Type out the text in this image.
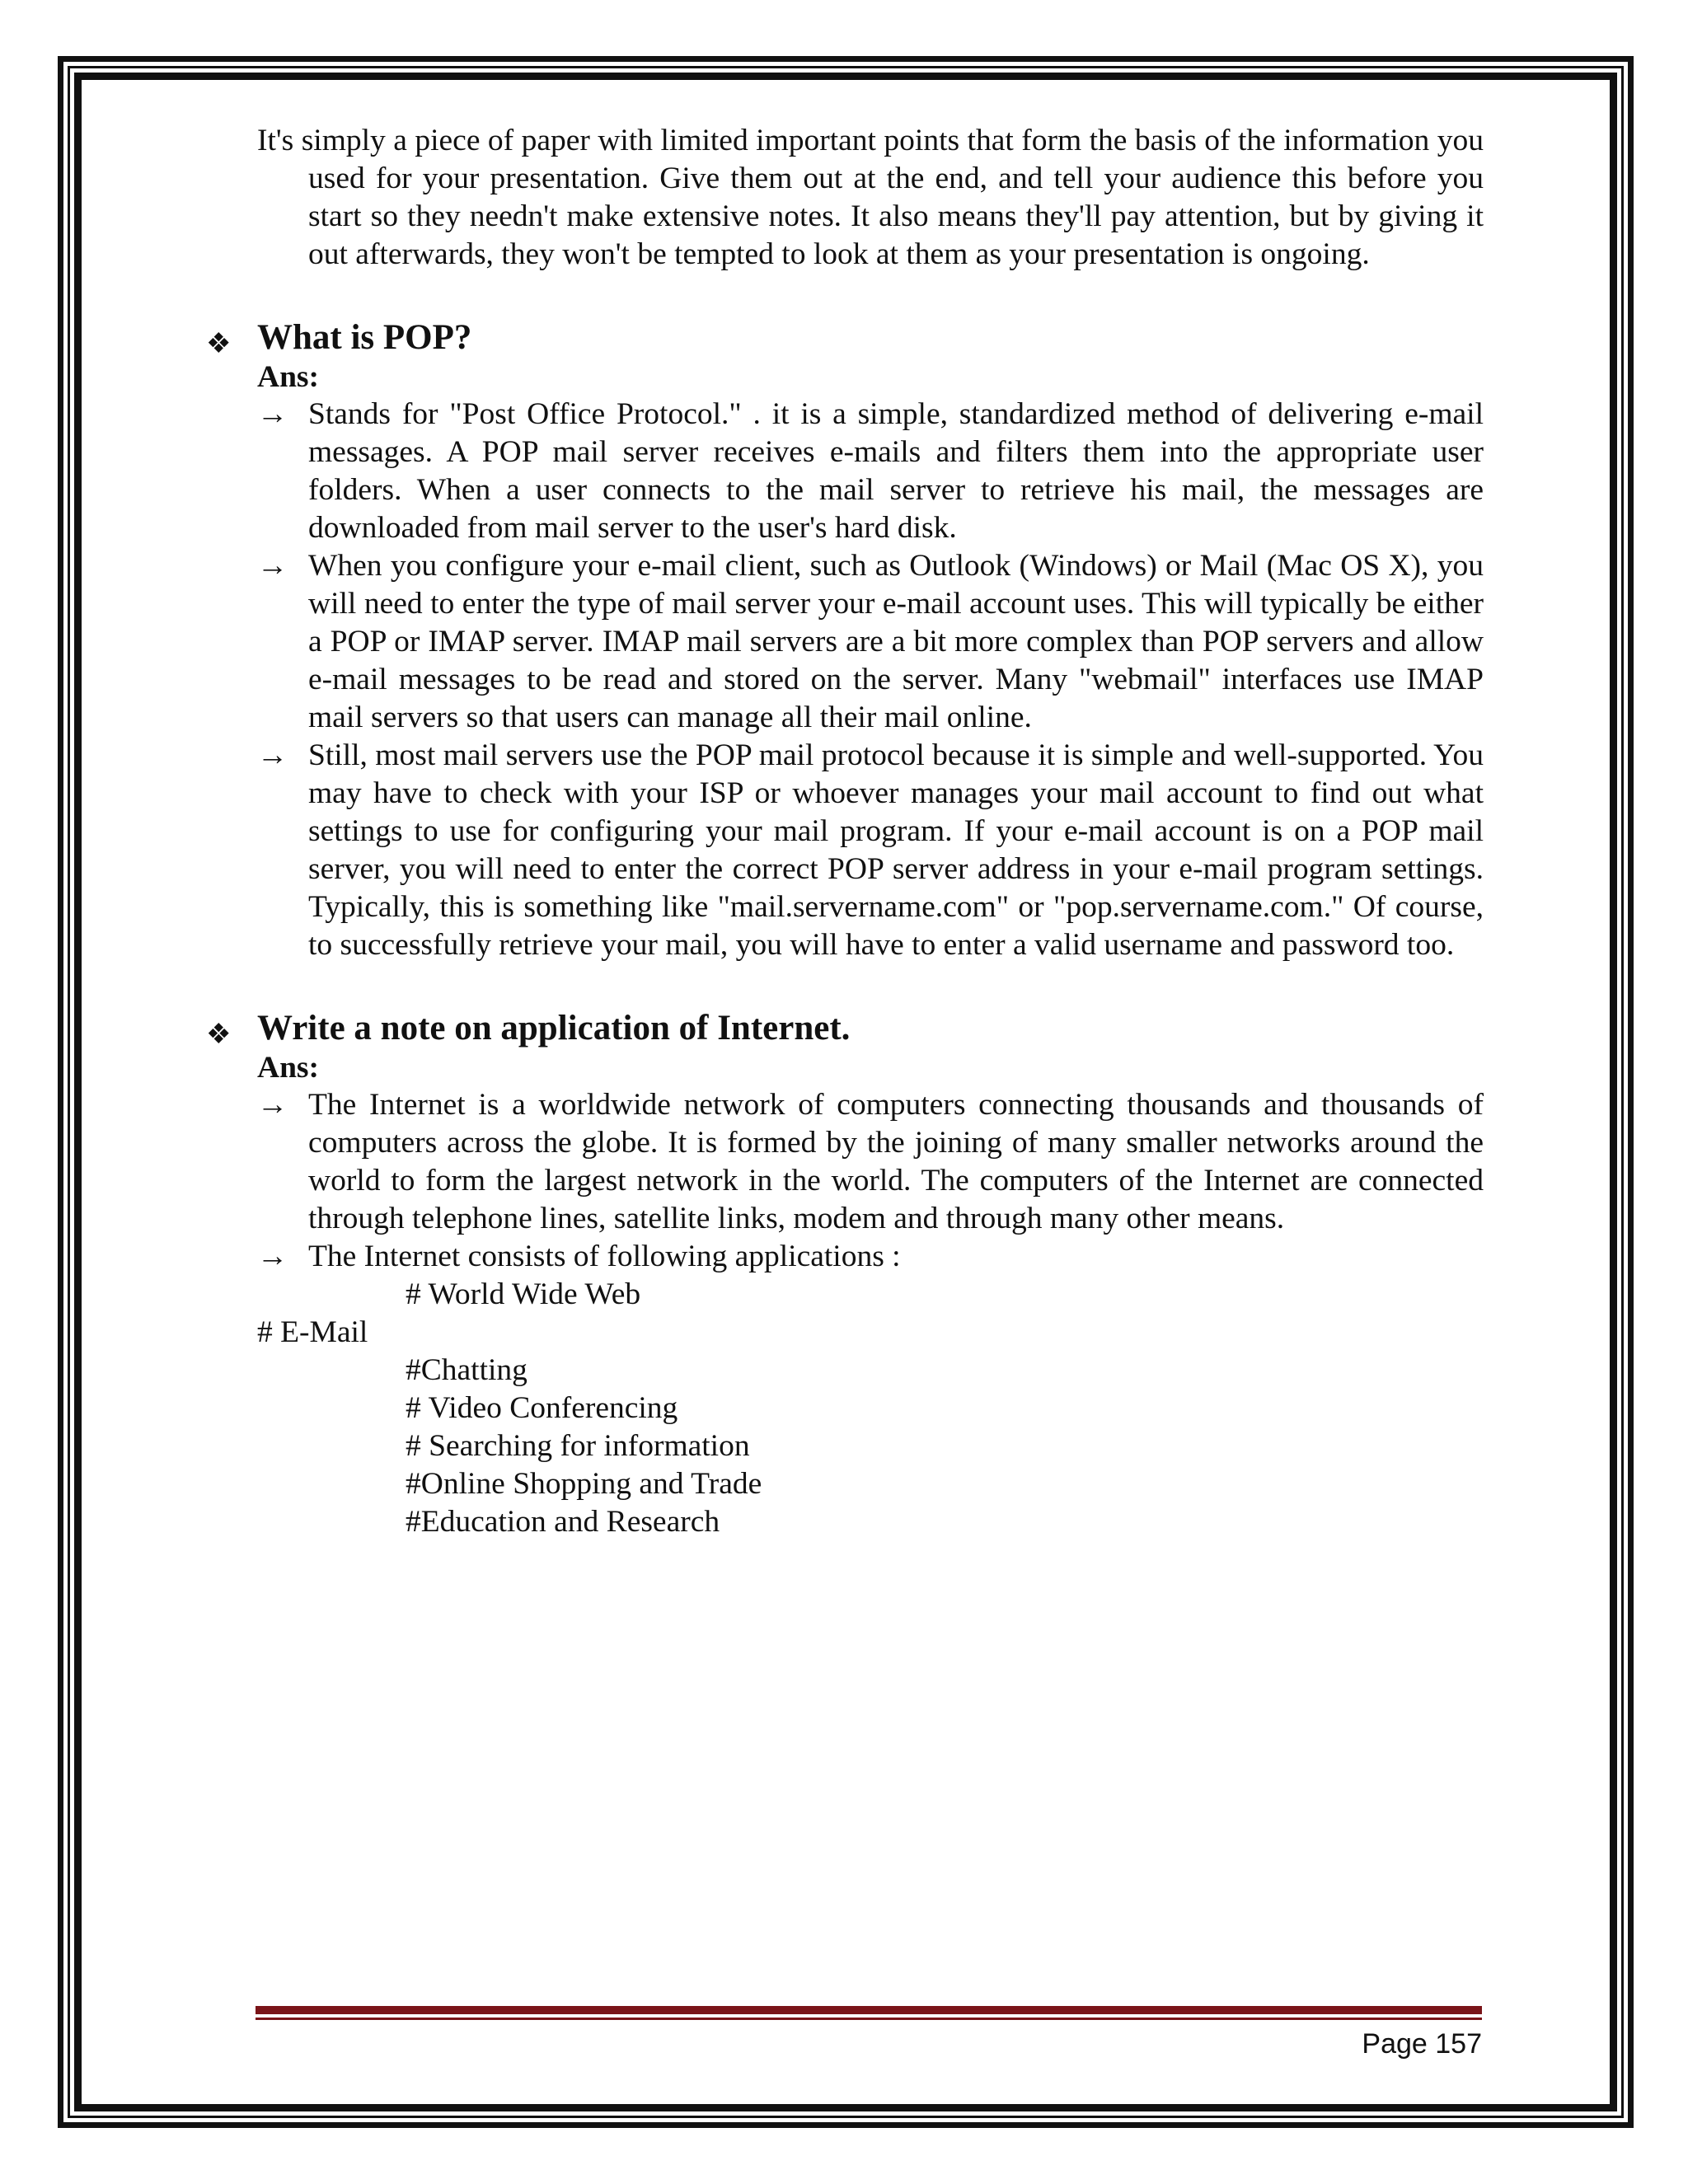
It's simply a piece of paper with limited important points that form the basis of the information you used for your presentation. Give them out at the end, and tell your audience this before you start so they needn't make extensive notes. It also means they'll pay attention, but by giving it out afterwards, they won't be tempted to look at them as your presentation is ongoing.

❖ What is POP?

Ans:

→ Stands for "Post Office Protocol." . it is a simple, standardized method of delivering e-mail messages. A POP mail server receives e-mails and filters them into the appropriate user folders. When a user connects to the mail server to retrieve his mail, the messages are downloaded from mail server to the user's hard disk.
→ When you configure your e-mail client, such as Outlook (Windows) or Mail (Mac OS X), you will need to enter the type of mail server your e-mail account uses. This will typically be either a POP or IMAP server. IMAP mail servers are a bit more complex than POP servers and allow e-mail messages to be read and stored on the server. Many "webmail" interfaces use IMAP mail servers so that users can manage all their mail online.
→ Still, most mail servers use the POP mail protocol because it is simple and well-supported. You may have to check with your ISP or whoever manages your mail account to find out what settings to use for configuring your mail program. If your e-mail account is on a POP mail server, you will need to enter the correct POP server address in your e-mail program settings. Typically, this is something like "mail.servername.com" or "pop.servername.com." Of course, to successfully retrieve your mail, you will have to enter a valid username and password too.
❖ Write a note on application of Internet.

Ans:

→ The Internet is a worldwide network of computers connecting thousands and thousands of computers across the globe. It is formed by the joining of many smaller networks around the world to form the largest network in the world. The computers of the Internet are connected through telephone lines, satellite links, modem and through many other means.
→ The Internet consists of following applications :

# World Wide Web

# E-Mail

#Chatting

# Video Conferencing

# Searching for information

#Online Shopping and Trade

#Education and Research

Page 157
